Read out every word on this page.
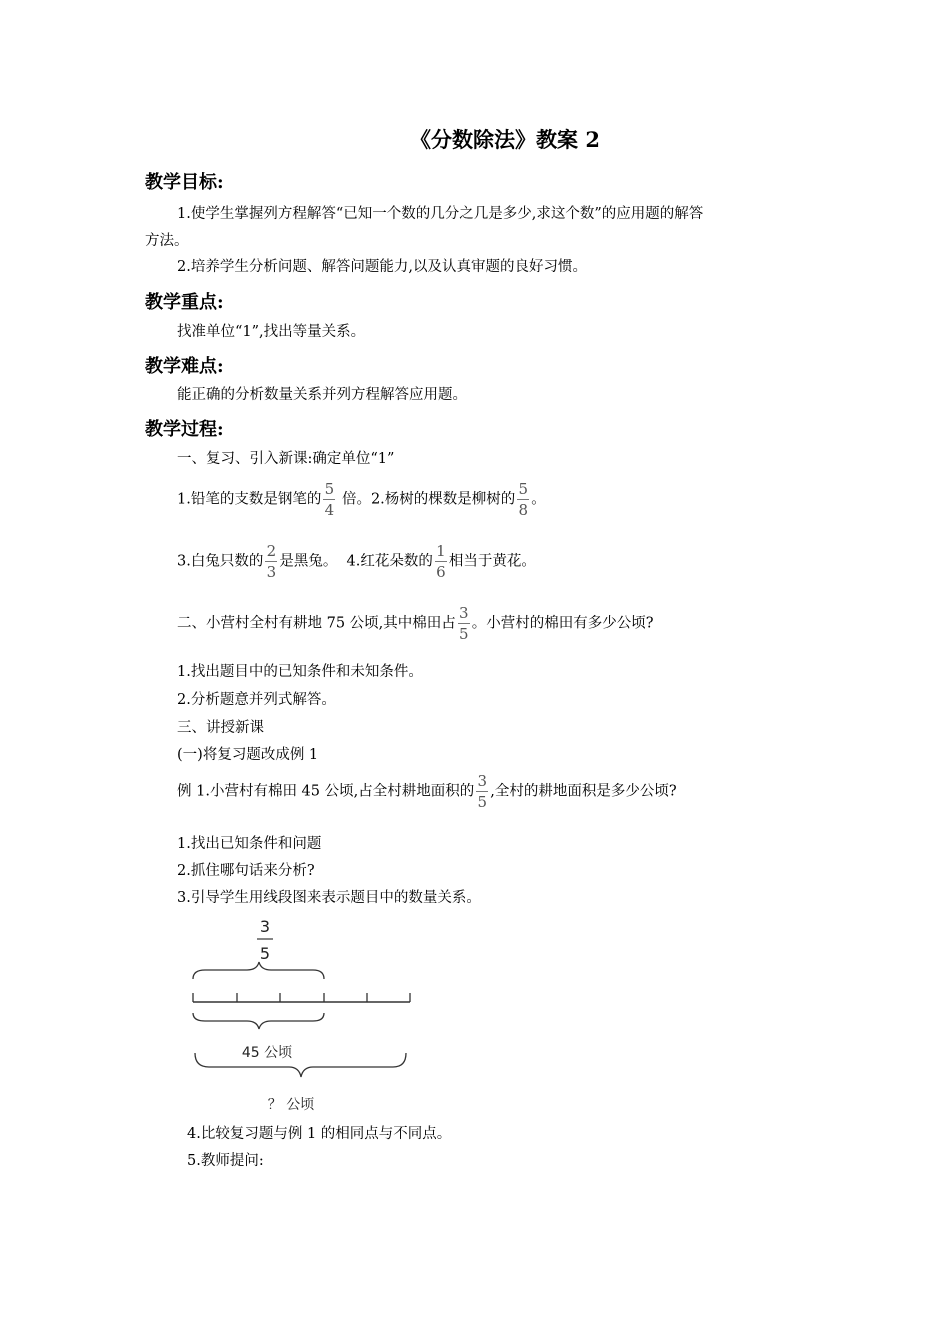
《分数除法》教案 2
教学目标:
1.使学生掌握列方程解答“已知一个数的几分之几是多少,求这个数”的应用题的解答
方法。
2.培养学生分析问题、解答问题能力,以及认真审题的良好习惯。
教学重点:
找准单位“1”,找出等量关系。
教学难点:
能正确的分析数量关系并列方程解答应用题。
教学过程:
一、复习、引入新课:确定单位“1”
1.铅笔的支数是钢笔的 $\frac{5}{4}$ 倍。2.杨树的棵数是柳树的 $\frac{5}{8}$ 。
3.白兔只数的 $\frac{2}{3}$ 是黑兔。  4.红花朵数的 $\frac{1}{6}$ 相当于黄花。
二、小营村全村有耕地 75 公顷,其中棉田占 $\frac{3}{5}$ 。小营村的棉田有多少公顷?
1.找出题目中的已知条件和未知条件。
2.分析题意并列式解答。
三、讲授新课
(一)将复习题改成例 1
例 1.小营村有棉田 45 公顷,占全村耕地面积的 $\frac{3}{5}$ ,全村的耕地面积是多少公顷?
1.找出已知条件和问题
2.抓住哪句话来分析?
3.引导学生用线段图来表示题目中的数量关系。
3
5
45 公顷
？ 公顷
4.比较复习题与例 1 的相同点与不同点。
5.教师提问:
